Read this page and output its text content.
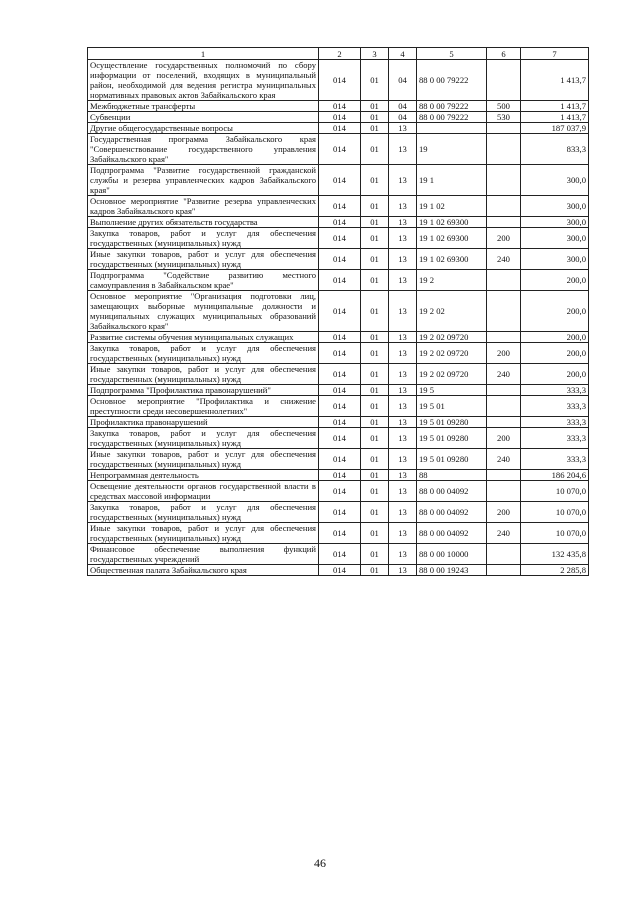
1	2	3	4	5	6	7
Осуществление государственных полномочий по сбору информации от поселений, входящих в муниципальный район, необходимой для ведения регистра муниципальных нормативных правовых актов Забайкальского края	014	01	04	88 0 00 79222		1 413,7
Межбюджетные трансферты	014	01	04	88 0 00 79222	500	1 413,7
Субвенции	014	01	04	88 0 00 79222	530	1 413,7
Другие общегосударственные вопросы	014	01	13			187 037,9
Государственная программа Забайкальского края "Совершенствование государственного управления Забайкальского края"	014	01	13	19		833,3
Подпрограмма "Развитие государственной гражданской службы и резерва управленческих кадров Забайкальского края"	014	01	13	19 1		300,0
Основное мероприятие "Развитие резерва управленческих кадров Забайкальского края"	014	01	13	19 1 02		300,0
Выполнение других обязательств государства	014	01	13	19 1 02 69300		300,0
Закупка товаров, работ и услуг для обеспечения государственных (муниципальных) нужд	014	01	13	19 1 02 69300	200	300,0
Иные закупки товаров, работ и услуг для обеспечения государственных (муниципальных) нужд	014	01	13	19 1 02 69300	240	300,0
Подпрограмма "Содействие развитию местного самоуправления в Забайкальском крае"	014	01	13	19 2		200,0
Основное мероприятие "Организация подготовки лиц, замещающих выборные муниципальные должности и муниципальных служащих муниципальных образований Забайкальского края"	014	01	13	19 2 02		200,0
Развитие системы обучения муниципальных служащих	014	01	13	19 2 02 09720		200,0
Закупка товаров, работ и услуг для обеспечения государственных (муниципальных) нужд	014	01	13	19 2 02 09720	200	200,0
Иные закупки товаров, работ и услуг для обеспечения государственных (муниципальных) нужд	014	01	13	19 2 02 09720	240	200,0
Подпрограмма "Профилактика правонарушений"	014	01	13	19 5		333,3
Основное мероприятие "Профилактика и снижение преступности среди несовершеннолетних"	014	01	13	19 5 01		333,3
Профилактика правонарушений	014	01	13	19 5 01 09280		333,3
Закупка товаров, работ и услуг для обеспечения государственных (муниципальных) нужд	014	01	13	19 5 01 09280	200	333,3
Иные закупки товаров, работ и услуг для обеспечения государственных (муниципальных) нужд	014	01	13	19 5 01 09280	240	333,3
Непрограммная деятельность	014	01	13	88		186 204,6
Освещение деятельности органов государственной власти в средствах массовой информации	014	01	13	88 0 00 04092		10 070,0
Закупка товаров, работ и услуг для обеспечения государственных (муниципальных) нужд	014	01	13	88 0 00 04092	200	10 070,0
Иные закупки товаров, работ и услуг для обеспечения государственных (муниципальных) нужд	014	01	13	88 0 00 04092	240	10 070,0
Финансовое обеспечение выполнения функций государственных учреждений	014	01	13	88 0 00 10000		132 435,8
Общественная палата Забайкальского края	014	01	13	88 0 00 19243		2 285,8
46
